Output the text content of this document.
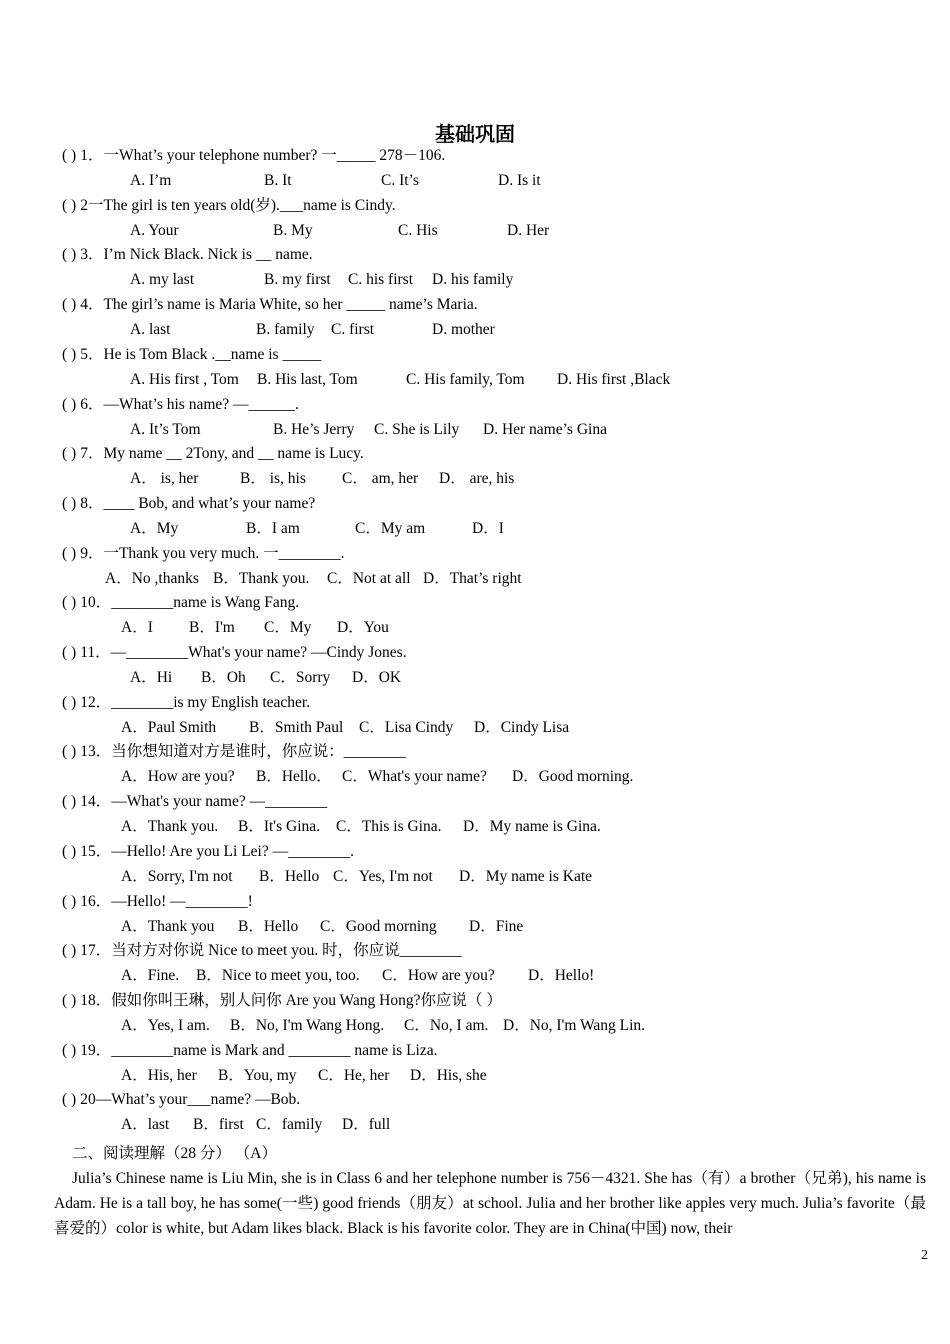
基础巩固
( ) 1．一What’s your telephone number? 一_____ 278－106.
A. I’m	B. It	C. It’s	D. Is it
( ) 2一The girl is ten years old(岁).___name is Cindy.
A. Your	B. My	C. His	D. Her
( ) 3．I’m Nick Black. Nick is __ name.
A. my last	B. my first C. his first D. his family
( ) 4．The girl’s name is Maria White, so her _____ name’s Maria.
A. last	B. family C. first	D. mother
( ) 5．He is Tom Black .__name is _____
A. His first , Tom B. His last, Tom	C. His family, Tom D. His first ,Black
( ) 6．—What’s his name? —______.
A. It’s Tom	B. He’s Jerry C. She is Lily D. Her name’s Gina
( ) 7．My name __ 2Tony, and __ name is Lucy.
A． is, her	B． is, his C． am, her D． are, his
( ) 8．____ Bob, and what’s your name?
A．My	B．I am	C．My am	D．I
( ) 9．一Thank you very much. 一________.
A．No ,thanks B．Thank you. C．Not at all D．That’s right
( ) 10．________name is Wang Fang.
A．I B．I'm C．My D．You
( ) 11．—________What's your name? —Cindy Jones.
A．Hi B．Oh C．Sorry D．OK
( ) 12．________is my English teacher.
A．Paul Smith B．Smith Paul C．Lisa Cindy D．Cindy Lisa
( ) 13．当你想知道对方是谁时，你应说：________
A．How are you? B．Hello． C．What's your name? D．Good morning.
( ) 14．—What's your name? —________
A．Thank you. B．It's Gina. C．This is Gina. D．My name is Gina.
( ) 15．—Hello! Are you Li Lei? —________.
A．Sorry, I'm not B．Hello C．Yes, I'm not D．My name is Kate
( ) 16．—Hello! —________!
A．Thank you B．Hello C．Good morning D．Fine
( ) 17．当对方对你说 Nice to meet you. 时，你应说________
A．Fine. B．Nice to meet you, too. C．How are you? D．Hello!
( ) 18．假如你叫王琳，别人问你 Are you Wang Hong?你应说（ ）
A．Yes, I am. B．No, I'm Wang Hong. C．No, I am. D．No, I'm Wang Lin.
( ) 19．________name is Mark and ________ name is Liza.
A．His, her B．You, my C．He, her D．His, she
( ) 20—What’s your___name? —Bob.
A．last B．first C．family D．full
二、阅读理解（28 分） （A）
Julia’s Chinese name is Liu Min, she is in Class 6 and her telephone number is 756－4321. She has（有）a brother（兄弟), his name is Adam. He is a tall boy, he has some(一些) good friends（朋友）at school. Julia and her brother like apples very much. Julia’s favorite（最喜爱的）color is white, but Adam likes black. Black is his favorite color. They are in China(中国) now, their
2
